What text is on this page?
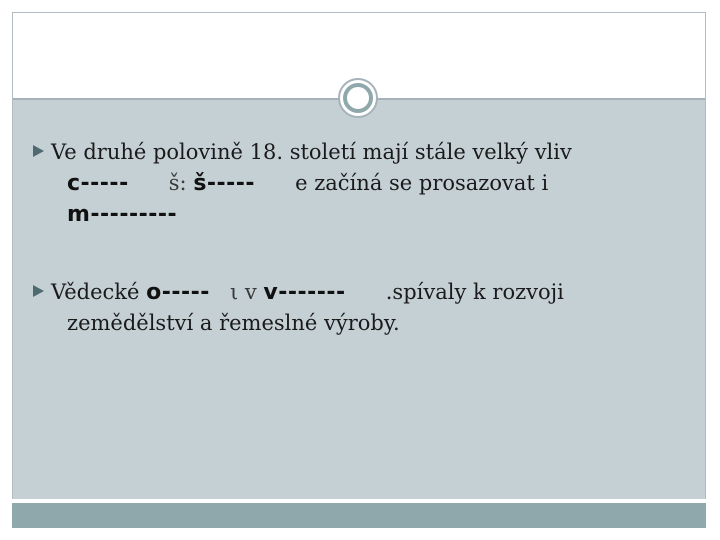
Ve druhé polovině 18. století mají stále velký vliv
c----- š: š----- e začíná se prosazovat i
m---------
Vědecké o----- ι v v------- .spívaly k rozvoji
zemědělství a řemeslné výroby.
